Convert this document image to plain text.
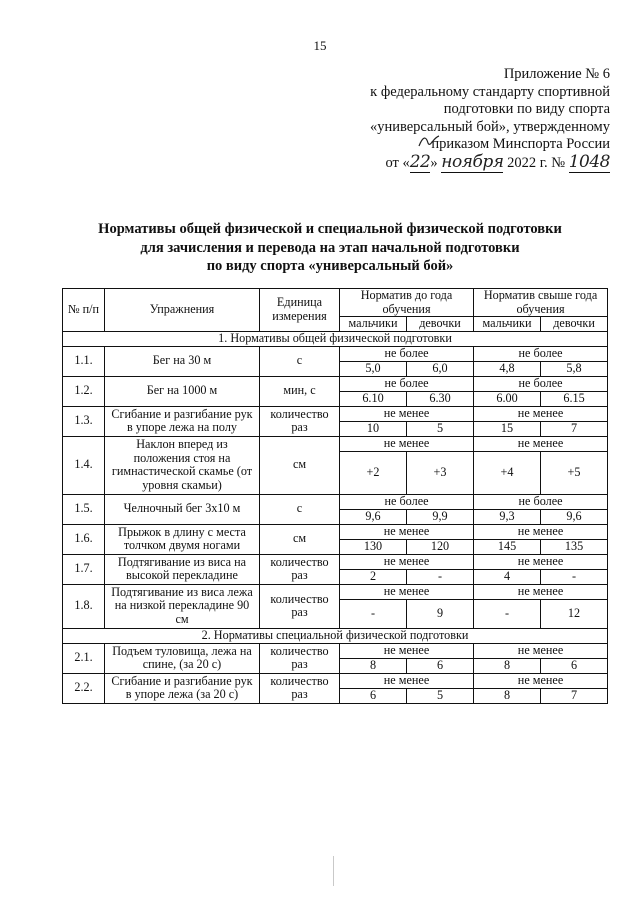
15
Приложение № 6
к федеральному стандарту спортивной
подготовки по виду спорта
«универсальный бой», утвержденному
приказом Минспорта России
от «22» ноября 2022 г. № 1048
Нормативы общей физической и специальной физической подготовки
для зачисления и перевода на этап начальной подготовки
по виду спорта «универсальный бой»
№ п/п	Упражнения	Единица измерения	Норматив до года обучения		Норматив свыше года обучения	
			мальчики	девочки	мальчики	девочки
1. Нормативы общей физической подготовки						
1.1.	Бег на 30 м	с	не более		не более	
			5,0	6,0	4,8	5,8
1.2.	Бег на 1000 м	мин, с	не более		не более	
			6.10	6.30	6.00	6.15
1.3.	Сгибание и разгибание рук в упоре лежа на полу	количество раз	не менее		не менее	
			10	5	15	7
1.4.	Наклон вперед из положения стоя на гимнастической скамье (от уровня скамьи)	см	не менее		не менее	
			+2	+3	+4	+5
1.5.	Челночный бег 3х10 м	с	не более		не более	
			9,6	9,9	9,3	9,6
1.6.	Прыжок в длину с места толчком двумя ногами	см	не менее		не менее	
			130	120	145	135
1.7.	Подтягивание из виса на высокой перекладине	количество раз	не менее		не менее	
			2	-	4	-
1.8.	Подтягивание из виса лежа на низкой перекладине 90 см	количество раз	не менее		не менее	
			-	9	-	12
2. Нормативы специальной физической подготовки						
2.1.	Подъем туловища, лежа на спине, (за 20 с)	количество раз	не менее		не менее	
			8	6	8	6
2.2.	Сгибание и разгибание рук в упоре лежа (за 20 с)	количество раз	не менее		не менее	
			6	5	8	7
